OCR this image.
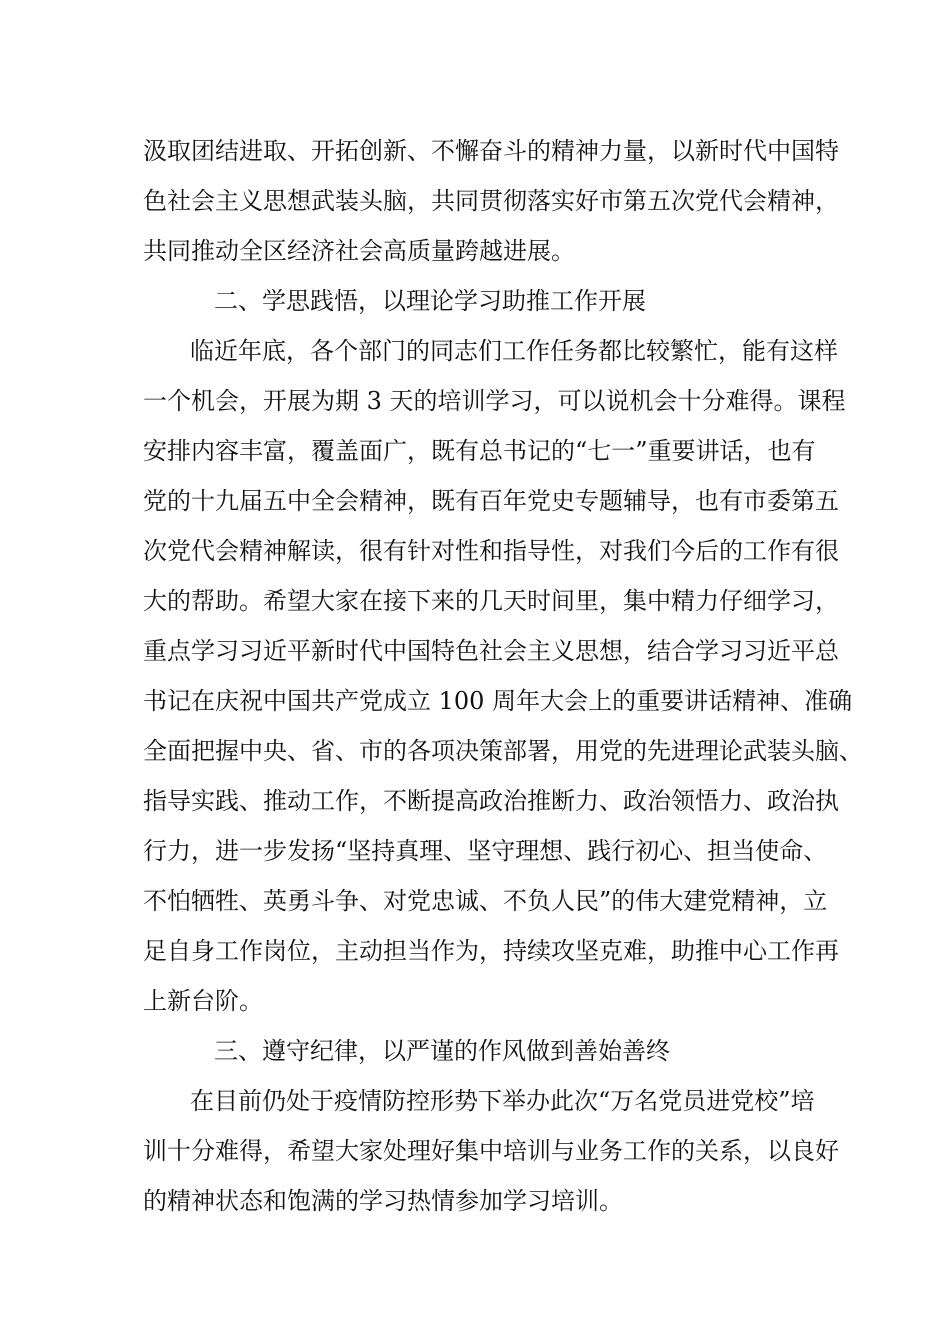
汲取团结进取、开拓创新、不懈奋斗的精神力量，以新时代中国特
色社会主义思想武装头脑，共同贯彻落实好市第五次党代会精神，
共同推动全区经济社会高质量跨越进展。
二、学思践悟，以理论学习助推工作开展
临近年底，各个部门的同志们工作任务都比较繁忙，能有这样
一个机会，开展为期 3 天的培训学习，可以说机会十分难得。课程
安排内容丰富，覆盖面广，既有总书记的“七一”重要讲话，也有
党的十九届五中全会精神，既有百年党史专题辅导，也有市委第五
次党代会精神解读，很有针对性和指导性，对我们今后的工作有很
大的帮助。希望大家在接下来的几天时间里，集中精力仔细学习，
重点学习习近平新时代中国特色社会主义思想，结合学习习近平总
书记在庆祝中国共产党成立 100 周年大会上的重要讲话精神、准确
全面把握中央、省、市的各项决策部署，用党的先进理论武装头脑、
指导实践、推动工作，不断提高政治推断力、政治领悟力、政治执
行力，进一步发扬“坚持真理、坚守理想、践行初心、担当使命、
不怕牺牲、英勇斗争、对党忠诚、不负人民”的伟大建党精神，立
足自身工作岗位，主动担当作为，持续攻坚克难，助推中心工作再
上新台阶。
三、遵守纪律，以严谨的作风做到善始善终
在目前仍处于疫情防控形势下举办此次“万名党员进党校”培
训十分难得，希望大家处理好集中培训与业务工作的关系，以良好
的精神状态和饱满的学习热情参加学习培训。
